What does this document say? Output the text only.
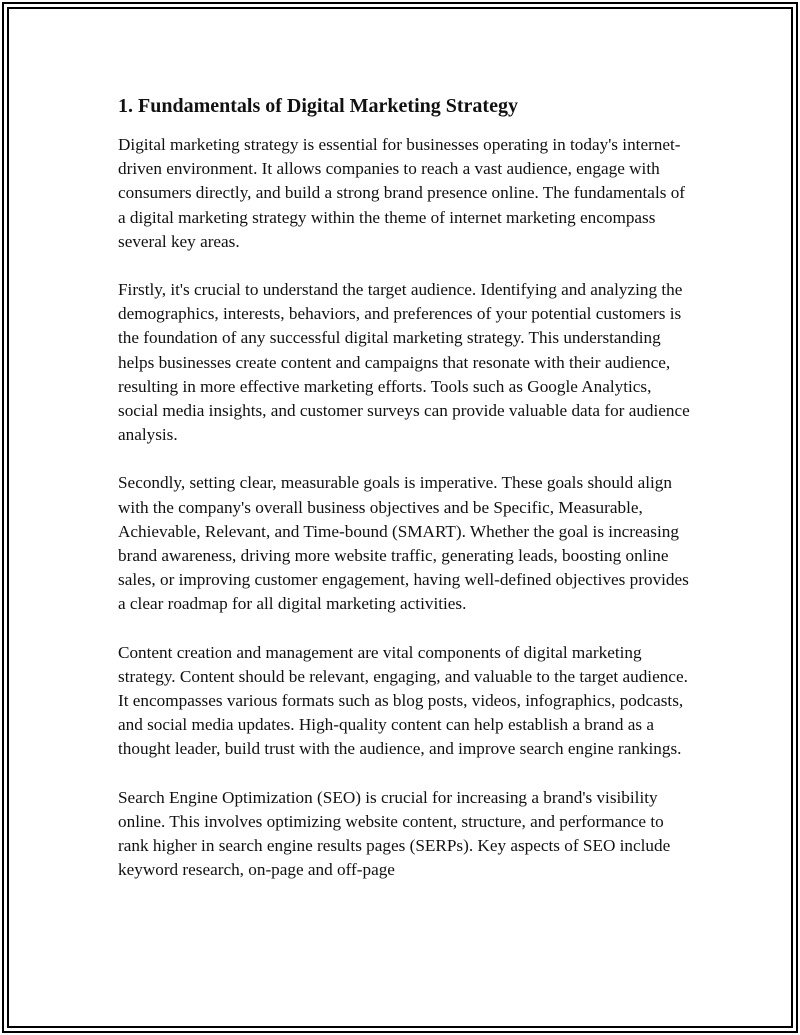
1. Fundamentals of Digital Marketing Strategy

Digital marketing strategy is essential for businesses operating in today's internet-driven environment. It allows companies to reach a vast audience, engage with consumers directly, and build a strong brand presence online. The fundamentals of a digital marketing strategy within the theme of internet marketing encompass several key areas.

Firstly, it's crucial to understand the target audience. Identifying and analyzing the demographics, interests, behaviors, and preferences of your potential customers is the foundation of any successful digital marketing strategy. This understanding helps businesses create content and campaigns that resonate with their audience, resulting in more effective marketing efforts. Tools such as Google Analytics, social media insights, and customer surveys can provide valuable data for audience analysis.

Secondly, setting clear, measurable goals is imperative. These goals should align with the company's overall business objectives and be Specific, Measurable, Achievable, Relevant, and Time-bound (SMART). Whether the goal is increasing brand awareness, driving more website traffic, generating leads, boosting online sales, or improving customer engagement, having well-defined objectives provides a clear roadmap for all digital marketing activities.

Content creation and management are vital components of digital marketing strategy. Content should be relevant, engaging, and valuable to the target audience. It encompasses various formats such as blog posts, videos, infographics, podcasts, and social media updates. High-quality content can help establish a brand as a thought leader, build trust with the audience, and improve search engine rankings.

Search Engine Optimization (SEO) is crucial for increasing a brand's visibility online. This involves optimizing website content, structure, and performance to rank higher in search engine results pages (SERPs). Key aspects of SEO include keyword research, on-page and off-page
